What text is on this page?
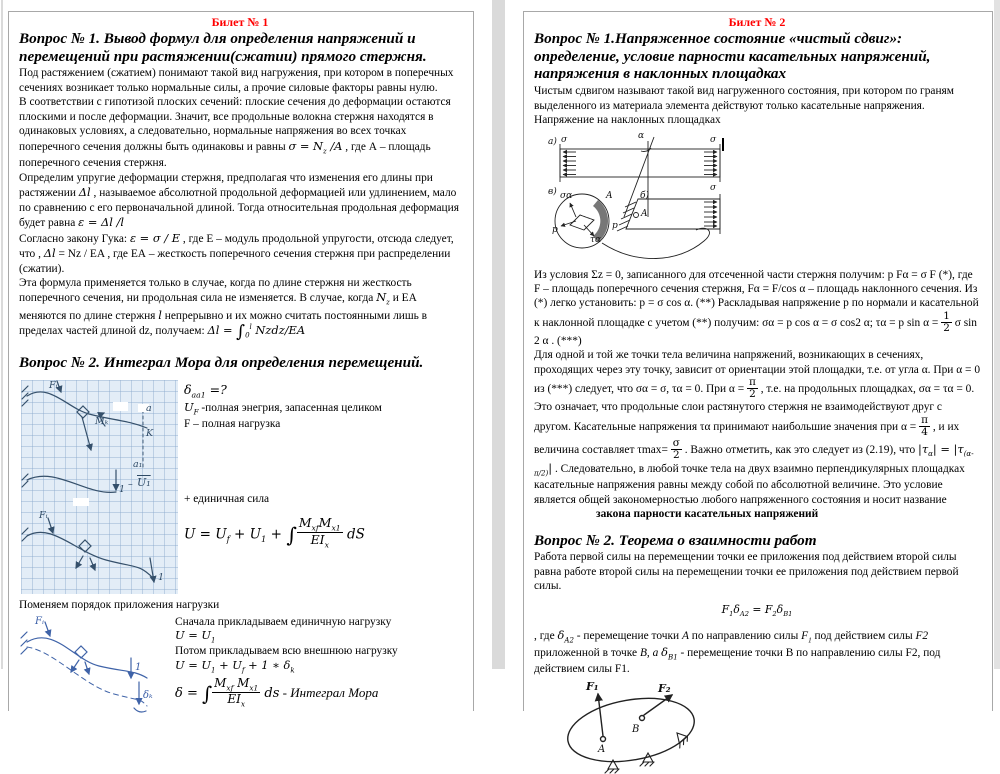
Билет № 1
Вопрос № 1. Вывод формул для определения напряжений и перемещений при растяжении(сжатии) прямого стержня.

Под растяжением (сжатием) понимают такой вид нагружения, при котором в поперечных сечениях возникает только нормальные силы, а прочие силовые факторы равны нулю.

В соответствии с гипотизой плоских сечений: плоские сечения до деформации остаются плоскими и после деформации. Значит, все продольные волокна стержня находятся в одинаковых условиях, а следовательно, нормальные напряжения во всех точках поперечного сечения должны быть одинаковы и равны $\sigma = N_z$ /A , где А – площадь поперечного сечения стержня.

Определим упругие деформации стержня, предполагая что изменения его длины при растяжении Δl , называемое абсолютной продольной деформацией или удлинением, мало по сравнению с его первоначальной длиной. Тогда относительная продольная деформация будет равна ε = Δl /l

Согласно закону Гука: ε = σ / E , где Е – модуль продольной упругости, отсюда следует, что , Δl = Nz / EA , где ЕА – жесткость поперечного сечения стержня при распределении (сжатии).

Эта формула применяется только в случае, когда по длине стержня ни жесткость поперечного сечения, ни продольная сила не изменяется. В случае, когда $N_z$ и ЕА меняются по длине стержня l непрерывно и их можно считать постоянными лишь в пределах частей длиной dz, получаем: $\Delta l = \int_0^l$ Nzdz/EA

Вопрос № 2. Интеграл Мора для определения перемещений.
Fᵢ
Mₖ
a
K
a₁
1 – U₁
Fᵢ
1
$\delta_{aa1}$ =?
$U_F$ -полная энегрия, запасенная целиком
F – полная нагрузка
+ единичная сила
$U = U_f + U_1$ + ∫ $\frac{M_{xf}M_{x1}}{EI_x}$ dS

Поменяем порядок приложения нагрузки

Fᵢ
1
δₖ
Сначала прикладываем единичную нагрузку
$U = U_1$
Потом прикладываем всю внешнюю нагрузку
$U = U_1 + U_f + 1$ ∗ $\delta_k$
δ = ∫ $\frac{M_{xf} M_{x1}}{EI_x}$ ds - Интеграл Мора
Билет № 2
Вопрос № 1.Напряженное состояние «чистый сдвиг»: определение, условие парности касательных напряжений, напряжения в наклонных площадках

Чистым сдвигом называют такой вид нагруженного состояния, при котором по граням выделенного из материала элемента действуют только касательные напряжения.

Напряжение на наклонных площадках

а) σ	α	σ
в)	б)
σ
p
A
A
σα
p
τα

Из условия Σz = 0, записанного для отсеченной части стержня получим: p Fα = σ F (*), где F – площадь поперечного сечения стержня, Fα = F/cos α – площадь наклонного сечения. Из (*) легко установить: p = σ cos α. (**) Раскладывая напряжение p по нормали и касательной к наклонной площадке с учетом (**) получим: σα = p cos α = σ cos2 α; τα = p $\sin \alpha = \frac{1}{2}$ σ sin 2 α . (***)

Для одной и той же точки тела величина напряжений, возникающих в сечениях, проходящих через эту точку, зависит от ориентации этой площадки, т.е. от угла α. При α = 0 из (***) следует, что σα = σ, τα = 0. При $\alpha = \frac{\pi}{2}$ , т.е. на продольных площадках, σα = τα = 0. Это означает, что продольные слои растянутого стержня не взаимодействуют друг с другом. Касательные напряжения τα принимают наибольшие значения при $\alpha = \frac{\pi}{4}$ , и их величина составляет $\tau\max= \frac{\sigma}{2}$ . Важно отметить, как это следует из (2.19), что $|\tau_\alpha| = |\tau_{(\alpha-\pi/2)}|$ . Следовательно, в любой точке тела на двух взаимно перпендикулярных площадках касательные напряжения равны между собой по абсолютной величине. Это условие является общей закономерностью любого напряженного состояния и носит название

закона парности касательных напряжений

Вопрос № 2. Теорема о взаимности работ

Работа первой силы на перемещении точки ее приложения под действием второй силы равна работе второй силы на перемещении точки ее приложения под действием первой силы.

$F_1\delta_{A2} = F_2\delta_{B1}$

, где $\delta_{A2}$ - перемещение точки А по направлению силы $F_1$ под действием силы F2 приложенной в точке B, а $\delta_{B1}$ - перемещение точки B по направлению силы F2, под действием силы F1.

F₁	F₂
A
B
